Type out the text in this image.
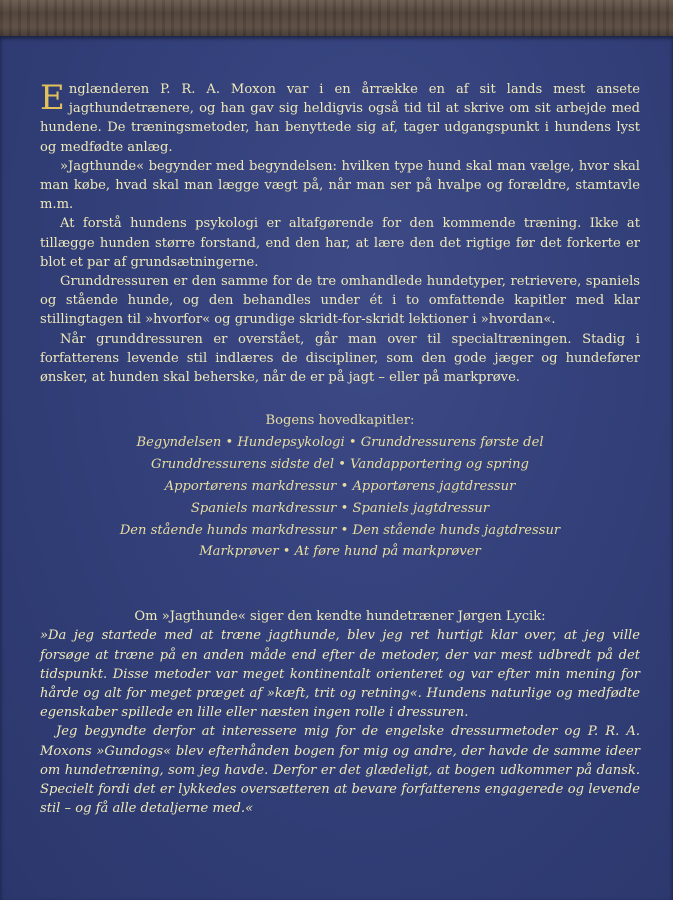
Englænderen P. R. A. Moxon var i en årrække en af sit lands mest ansete jagthundetrænere, og han gav sig heldigvis også tid til at skrive om sit arbejde med hundene. De træningsmetoder, han benyttede sig af, tager udgangspunkt i hundens lyst og medfødte anlæg.

»Jagthunde« begynder med begyndelsen: hvilken type hund skal man vælge, hvor skal man købe, hvad skal man lægge vægt på, når man ser på hvalpe og forældre, stamtavle m.m.

At forstå hundens psykologi er altafgørende for den kommende træning. Ikke at tillægge hunden større forstand, end den har, at lære den det rigtige før det forkerte er blot et par af grundsætningerne.

Grunddressuren er den samme for de tre omhandlede hundetyper, retrievere, spaniels og stående hunde, og den behandles under ét i to omfattende kapitler med klar stillingtagen til »hvorfor« og grundige skridt-for-skridt lektioner i »hvordan«.

Når grunddressuren er overstået, går man over til specialtræningen. Stadig i forfatterens levende stil indlæres de discipliner, som den gode jæger og hundefører ønsker, at hunden skal beherske, når de er på jagt – eller på markprøve.

Bogens hovedkapitler:
Begyndelsen • Hundepsykologi • Grunddressurens første del
Grunddressurens sidste del • Vandapportering og spring
Apportørens markdressur • Apportørens jagtdressur
Spaniels markdressur • Spaniels jagtdressur
Den stående hunds markdressur • Den stående hunds jagtdressur
Markprøver • At føre hund på markprøver

Om »Jagthunde« siger den kendte hundetræner Jørgen Lycik:

»Da jeg startede med at træne jagthunde, blev jeg ret hurtigt klar over, at jeg ville forsøge at træne på en anden måde end efter de metoder, der var mest udbredt på det tidspunkt. Disse metoder var meget kontinentalt orienteret og var efter min mening for hårde og alt for meget præget af »kæft, trit og retning«. Hundens naturlige og medfødte egenskaber spillede en lille eller næsten ingen rolle i dressuren.

Jeg begyndte derfor at interessere mig for de engelske dressurmetoder og P. R. A. Moxons »Gundogs« blev efterhånden bogen for mig og andre, der havde de samme ideer om hundetræning, som jeg havde. Derfor er det glædeligt, at bogen udkommer på dansk. Specielt fordi det er lykkedes oversætteren at bevare forfatterens engagerede og levende stil – og få alle detaljerne med.«
